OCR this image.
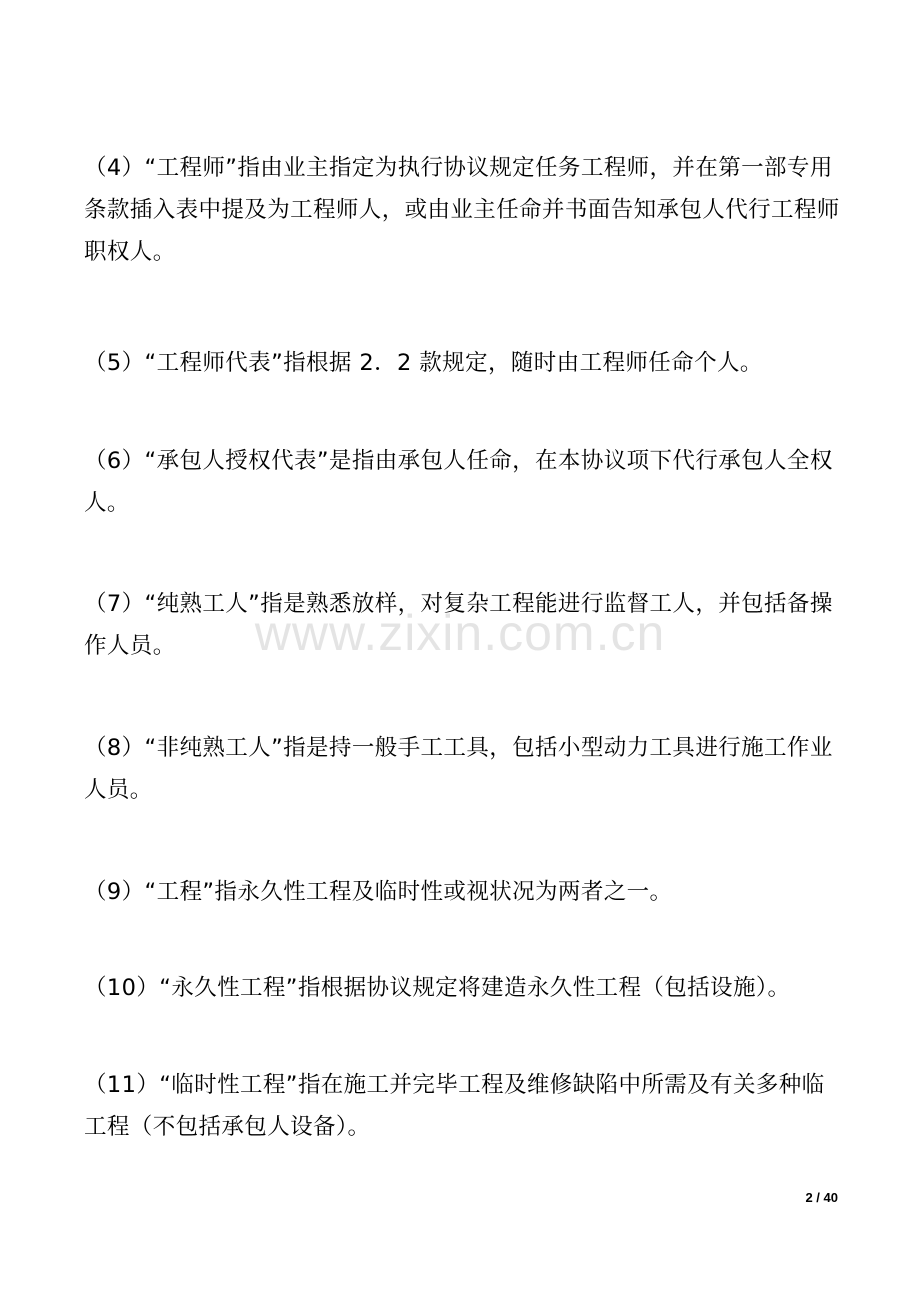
（4）“工程师”指由业主指定为执行协议规定任务工程师，并在第一部专用条款插入表中提及为工程师人，或由业主任命并书面告知承包人代行工程师职权人。

（5）“工程师代表”指根据 2．2 款规定，随时由工程师任命个人。

（6）“承包人授权代表”是指由承包人任命，在本协议项下代行承包人全权人。

（7）“纯熟工人”指是熟悉放样，对复杂工程能进行监督工人，并包括备操作人员。

（8）“非纯熟工人”指是持一般手工工具，包括小型动力工具进行施工作业人员。

（9）“工程”指永久性工程及临时性或视状况为两者之一。

（10）“永久性工程”指根据协议规定将建造永久性工程（包括设施）。

（11）“临时性工程”指在施工并完毕工程及维修缺陷中所需及有关多种临工程（不包括承包人设备）。

www.zixin.com.cn
2 / 40
